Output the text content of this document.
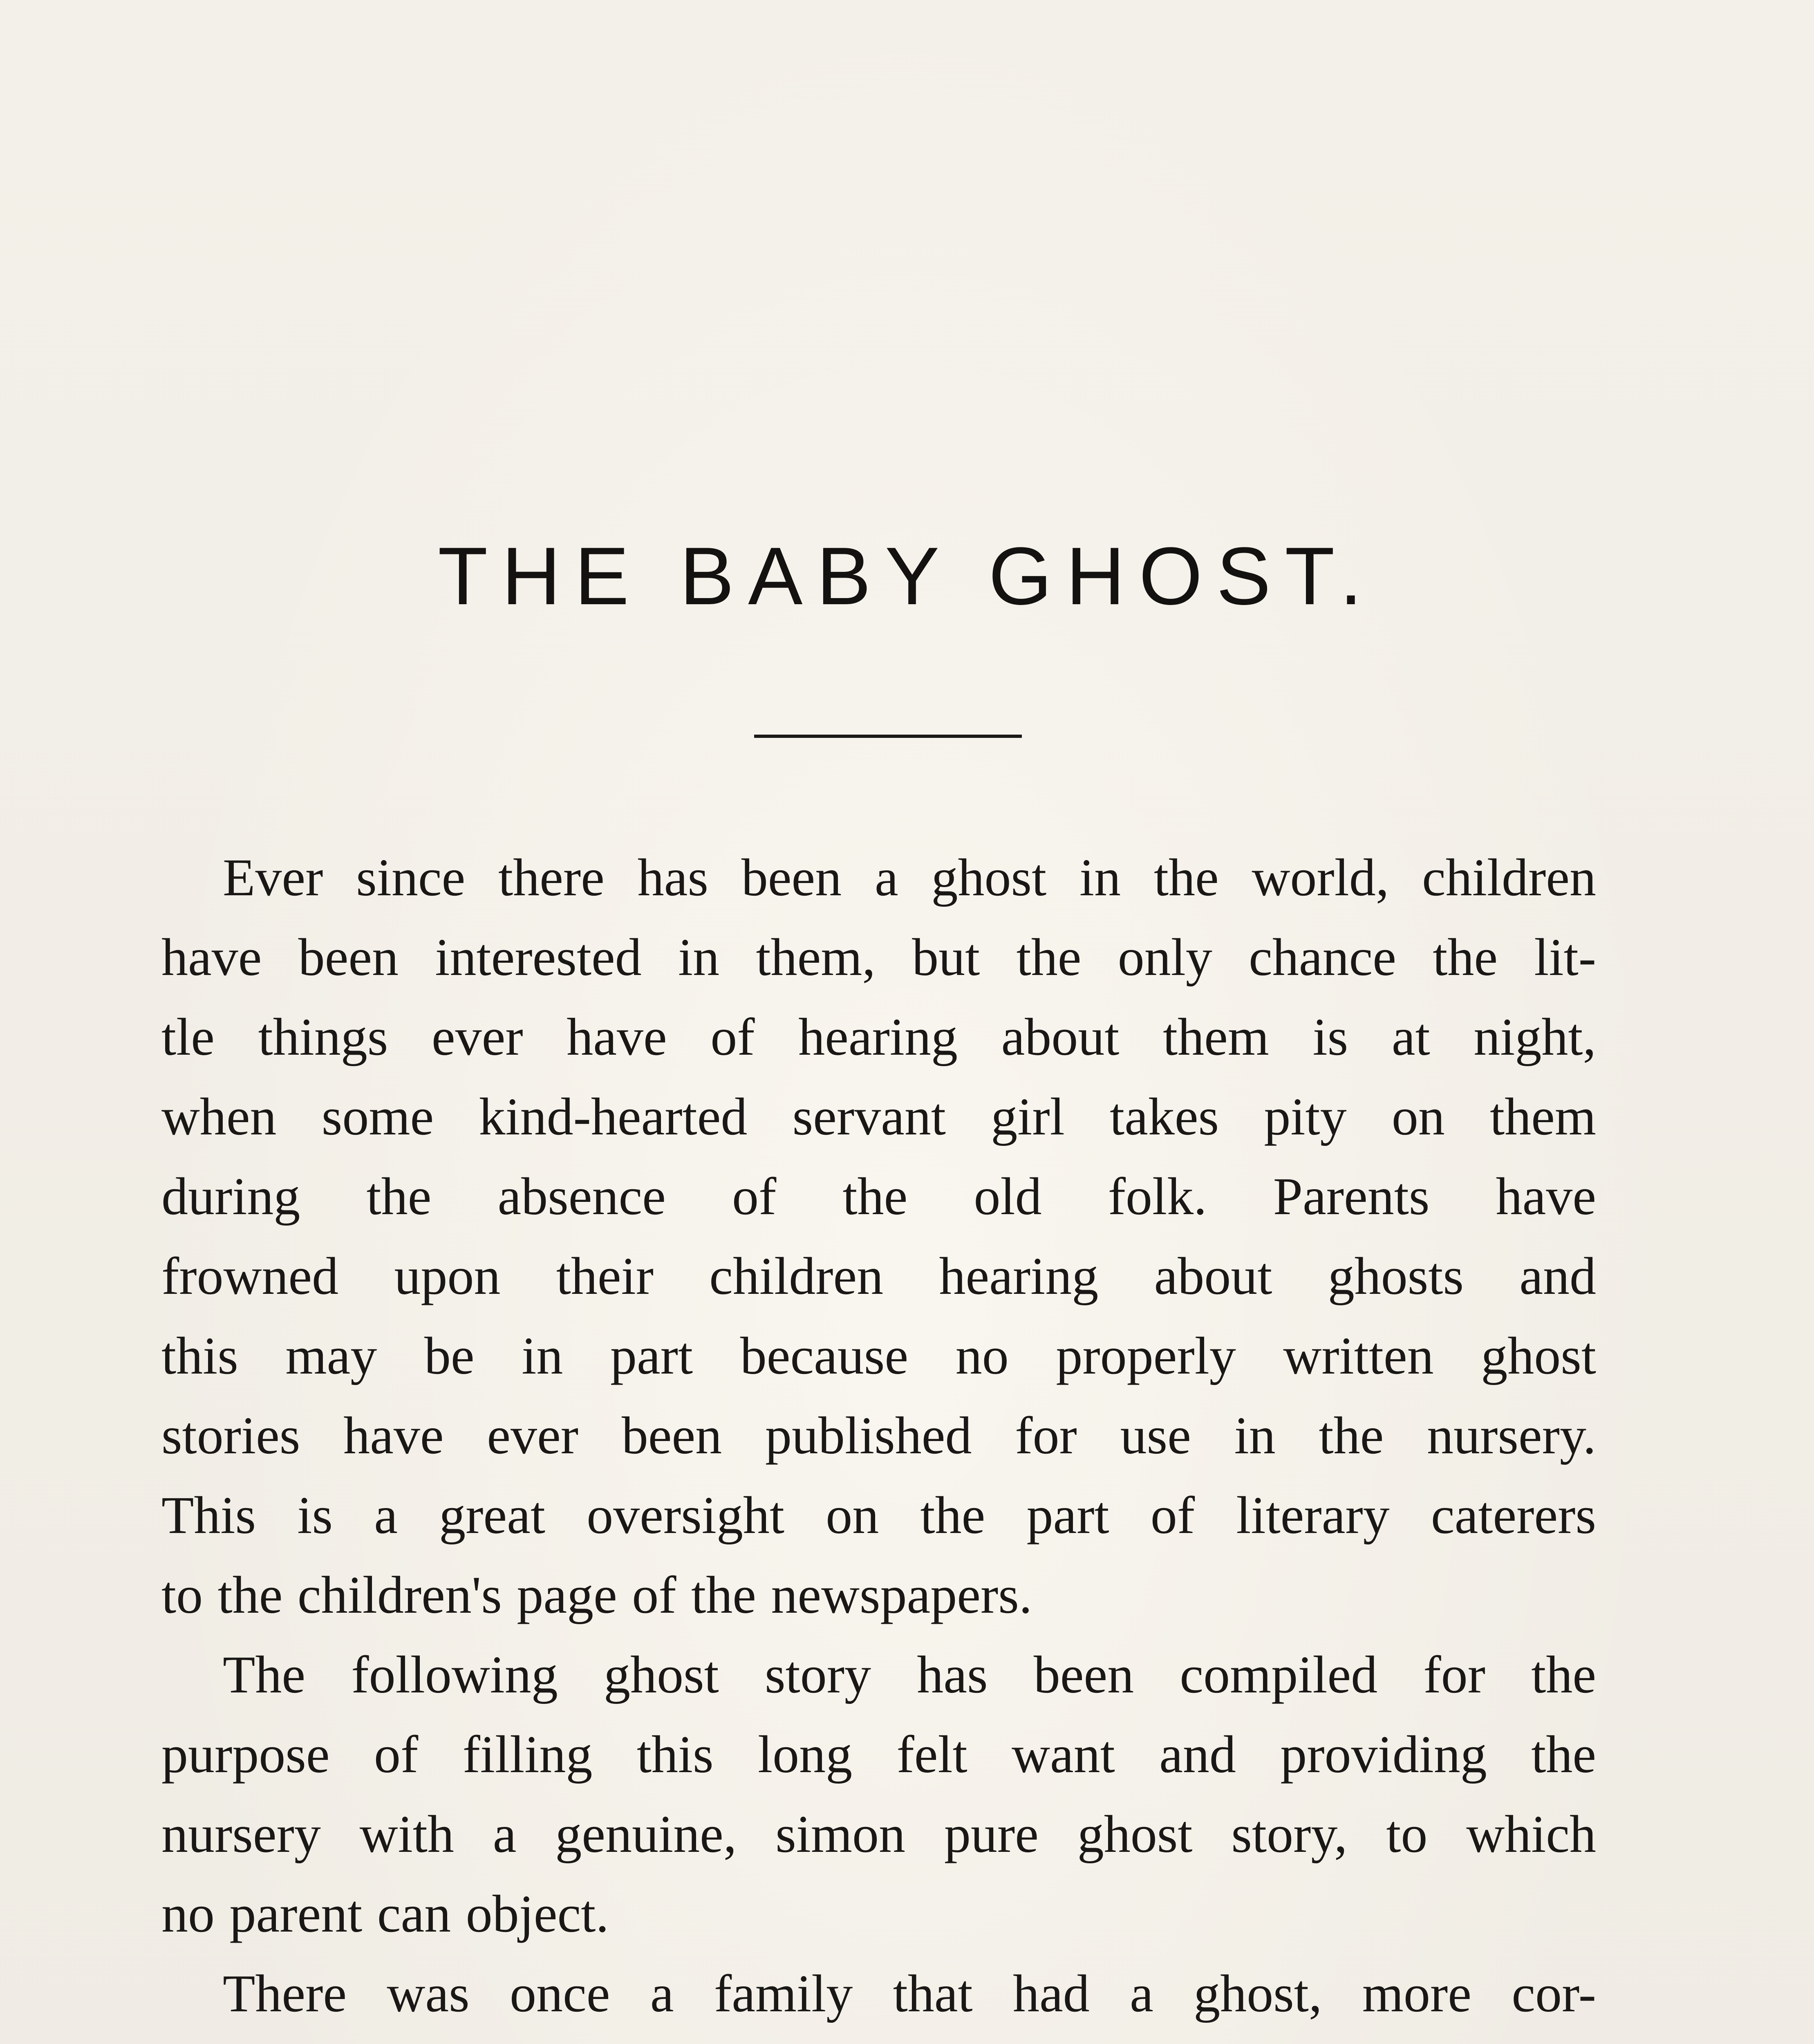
THE BABY GHOST.
Ever since there has been a ghost in the world, children
have been interested in them, but the only chance the lit-
tle things ever have of hearing about them is at night,
when some kind-hearted servant girl takes pity on them
during the absence of the old folk. Parents have
frowned upon their children hearing about ghosts and
this may be in part because no properly written ghost
stories have ever been published for use in the nursery.
This is a great oversight on the part of literary caterers
to the children's page of the newspapers.
The following ghost story has been compiled for the
purpose of filling this long felt want and providing the
nursery with a genuine, simon pure ghost story, to which
no parent can object.
There was once a family that had a ghost, more cor-
